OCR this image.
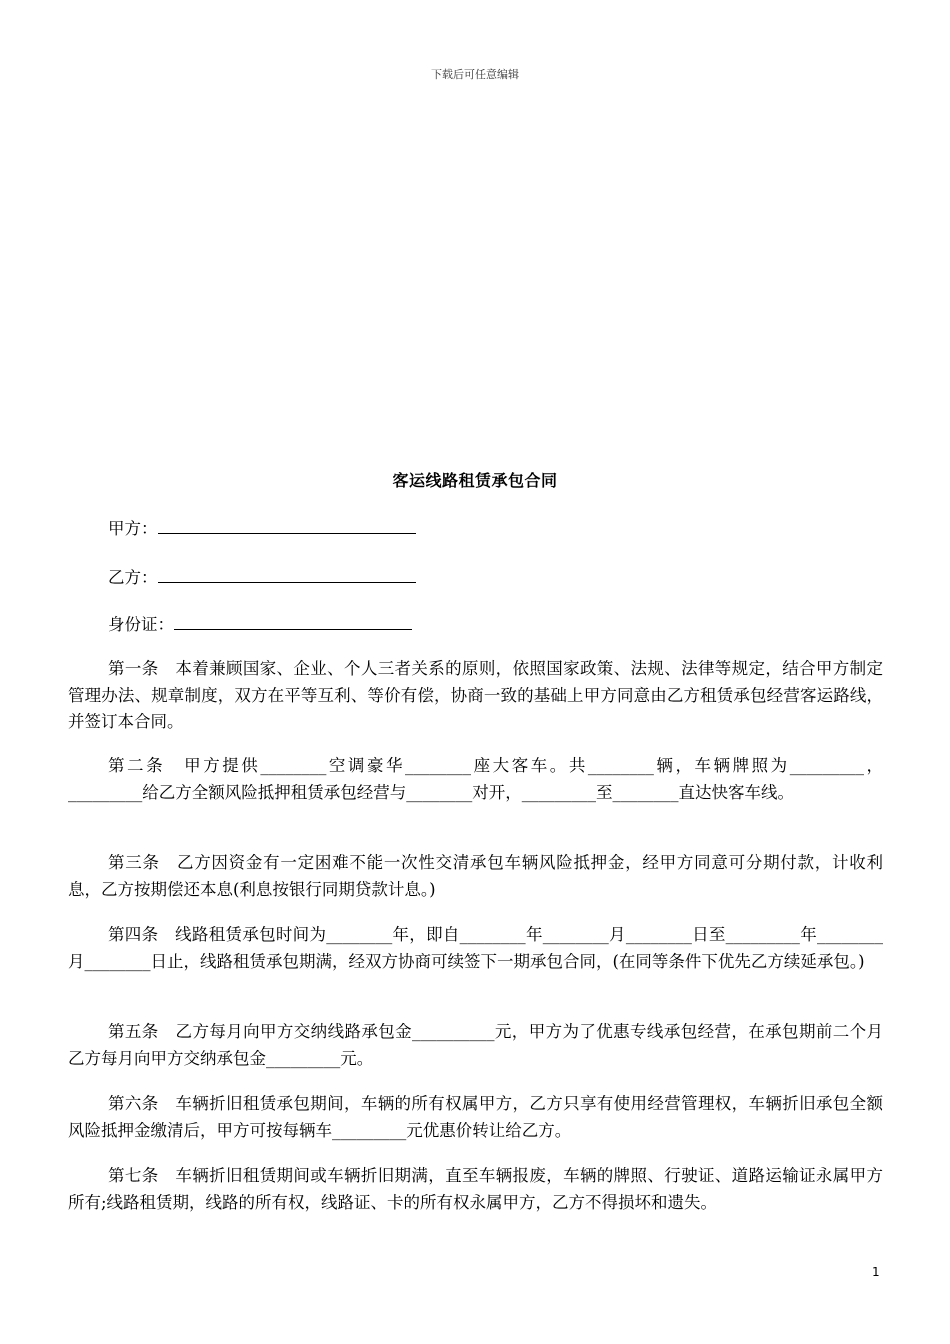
下载后可任意编辑
客运线路租赁承包合同
甲方：
乙方：
身份证：
第一条　本着兼顾国家、企业、个人三者关系的原则，依照国家政策、法规、法律等规定，结合甲方制定管理办法、规章制度，双方在平等互利、等价有偿，协商一致的基础上甲方同意由乙方租赁承包经营客运路线，并签订本合同。
第二条　甲方提供________空调豪华________座大客车。共________辆，车辆牌照为_________，_________给乙方全额风险抵押租赁承包经营与________对开，_________至________直达快客车线。
第三条　乙方因资金有一定困难不能一次性交清承包车辆风险抵押金，经甲方同意可分期付款，计收利息，乙方按期偿还本息(利息按银行同期贷款计息。)
第四条　线路租赁承包时间为________年，即自________年________月________日至_________年________月________日止，线路租赁承包期满，经双方协商可续签下一期承包合同，(在同等条件下优先乙方续延承包。)
第五条　乙方每月向甲方交纳线路承包金__________元，甲方为了优惠专线承包经营，在承包期前二个月乙方每月向甲方交纳承包金_________元。
第六条　车辆折旧租赁承包期间，车辆的所有权属甲方，乙方只享有使用经营管理权，车辆折旧承包全额风险抵押金缴清后，甲方可按每辆车_________元优惠价转让给乙方。
第七条　车辆折旧租赁期间或车辆折旧期满，直至车辆报废，车辆的牌照、行驶证、道路运输证永属甲方所有;线路租赁期，线路的所有权，线路证、卡的所有权永属甲方，乙方不得损坏和遗失。
1
